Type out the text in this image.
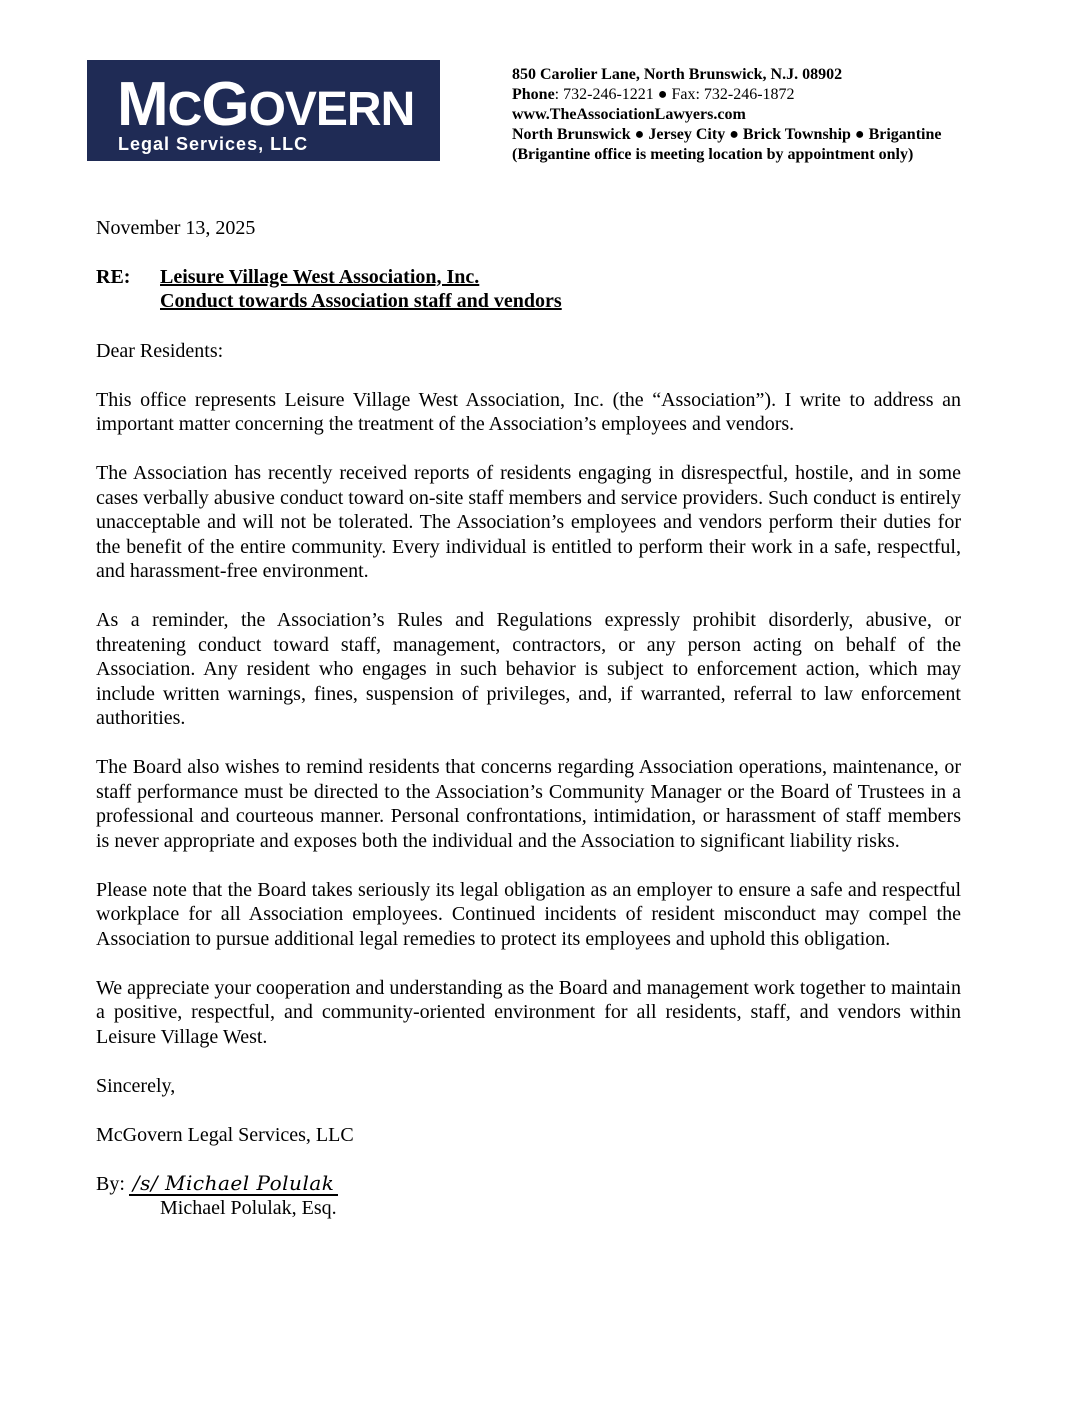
MCGOVERN
Legal Services, LLC
850 Carolier Lane, North Brunswick, N.J. 08902
Phone: 732-246-1221 ● Fax: 732-246-1872
www.TheAssociationLawyers.com
North Brunswick ● Jersey City ● Brick Township ● Brigantine
(Brigantine office is meeting location by appointment only)

November 13, 2025

RE:	Leisure Village West Association, Inc.
Conduct towards Association staff and vendors

Dear Residents:

This office represents Leisure Village West Association, Inc. (the “Association”). I write to address an important matter concerning the treatment of the Association’s employees and vendors.

The Association has recently received reports of residents engaging in disrespectful, hostile, and in some cases verbally abusive conduct toward on-site staff members and service providers. Such conduct is entirely unacceptable and will not be tolerated. The Association’s employees and vendors perform their duties for the benefit of the entire community. Every individual is entitled to perform their work in a safe, respectful, and harassment-free environment.

As a reminder, the Association’s Rules and Regulations expressly prohibit disorderly, abusive, or threatening conduct toward staff, management, contractors, or any person acting on behalf of the Association. Any resident who engages in such behavior is subject to enforcement action, which may include written warnings, fines, suspension of privileges, and, if warranted, referral to law enforcement authorities.

The Board also wishes to remind residents that concerns regarding Association operations, maintenance, or staff performance must be directed to the Association’s Community Manager or the Board of Trustees in a professional and courteous manner. Personal confrontations, intimidation, or harassment of staff members is never appropriate and exposes both the individual and the Association to significant liability risks.

Please note that the Board takes seriously its legal obligation as an employer to ensure a safe and respectful workplace for all Association employees. Continued incidents of resident misconduct may compel the Association to pursue additional legal remedies to protect its employees and uphold this obligation.

We appreciate your cooperation and understanding as the Board and management work together to maintain a positive, respectful, and community-oriented environment for all residents, staff, and vendors within Leisure Village West.

Sincerely,

McGovern Legal Services, LLC

By: /s/ Michael Polulak

Michael Polulak, Esq.
